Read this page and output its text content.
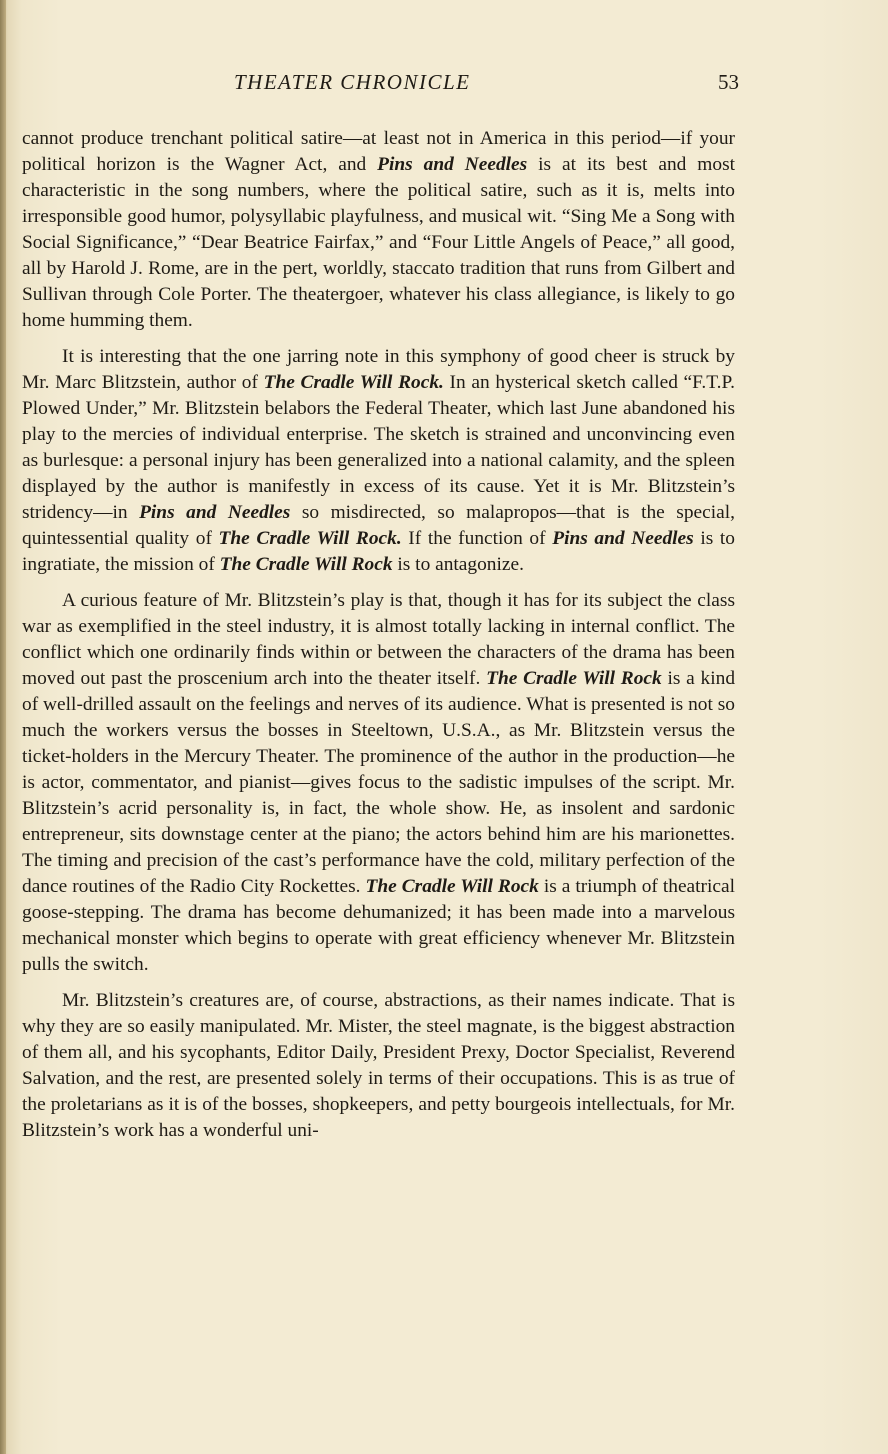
THEATER CHRONICLE	53

cannot produce trenchant political satire—at least not in America in this period—if your political horizon is the Wagner Act, and Pins and Needles is at its best and most characteristic in the song numbers, where the political satire, such as it is, melts into irresponsible good humor, polysyllabic playfulness, and musical wit. “Sing Me a Song with Social Significance,” “Dear Beatrice Fairfax,” and “Four Little Angels of Peace,” all good, all by Harold J. Rome, are in the pert, worldly, staccato tradition that runs from Gilbert and Sullivan through Cole Porter. The theatergoer, whatever his class allegiance, is likely to go home humming them.

It is interesting that the one jarring note in this symphony of good cheer is struck by Mr. Marc Blitzstein, author of The Cradle Will Rock. In an hysterical sketch called “F.T.P. Plowed Under,” Mr. Blitzstein belabors the Federal Theater, which last June abandoned his play to the mercies of individual enterprise. The sketch is strained and unconvincing even as burlesque: a personal injury has been generalized into a national calamity, and the spleen displayed by the author is manifestly in excess of its cause. Yet it is Mr. Blitzstein’s stridency—in Pins and Needles so misdirected, so malapropos—that is the special, quintessential quality of The Cradle Will Rock. If the function of Pins and Needles is to ingratiate, the mission of The Cradle Will Rock is to antagonize.

A curious feature of Mr. Blitzstein’s play is that, though it has for its subject the class war as exemplified in the steel industry, it is almost totally lacking in internal conflict. The conflict which one ordinarily finds within or between the characters of the drama has been moved out past the proscenium arch into the theater itself. The Cradle Will Rock is a kind of well-drilled assault on the feelings and nerves of its audience. What is presented is not so much the workers versus the bosses in Steeltown, U.S.A., as Mr. Blitzstein versus the ticket-holders in the Mercury Theater. The prominence of the author in the production—he is actor, commentator, and pianist—gives focus to the sadistic impulses of the script. Mr. Blitzstein’s acrid personality is, in fact, the whole show. He, as insolent and sardonic entrepreneur, sits downstage center at the piano; the actors behind him are his marionettes. The timing and precision of the cast’s performance have the cold, military perfection of the dance routines of the Radio City Rockettes. The Cradle Will Rock is a triumph of theatrical goose-stepping. The drama has become dehumanized; it has been made into a marvelous mechanical monster which begins to operate with great efficiency whenever Mr. Blitzstein pulls the switch.

Mr. Blitzstein’s creatures are, of course, abstractions, as their names indicate. That is why they are so easily manipulated. Mr. Mister, the steel magnate, is the biggest abstraction of them all, and his sycophants, Editor Daily, President Prexy, Doctor Specialist, Reverend Salvation, and the rest, are presented solely in terms of their occupations. This is as true of the proletarians as it is of the bosses, shopkeepers, and petty bourgeois intellectuals, for Mr. Blitzstein’s work has a wonderful uni-
